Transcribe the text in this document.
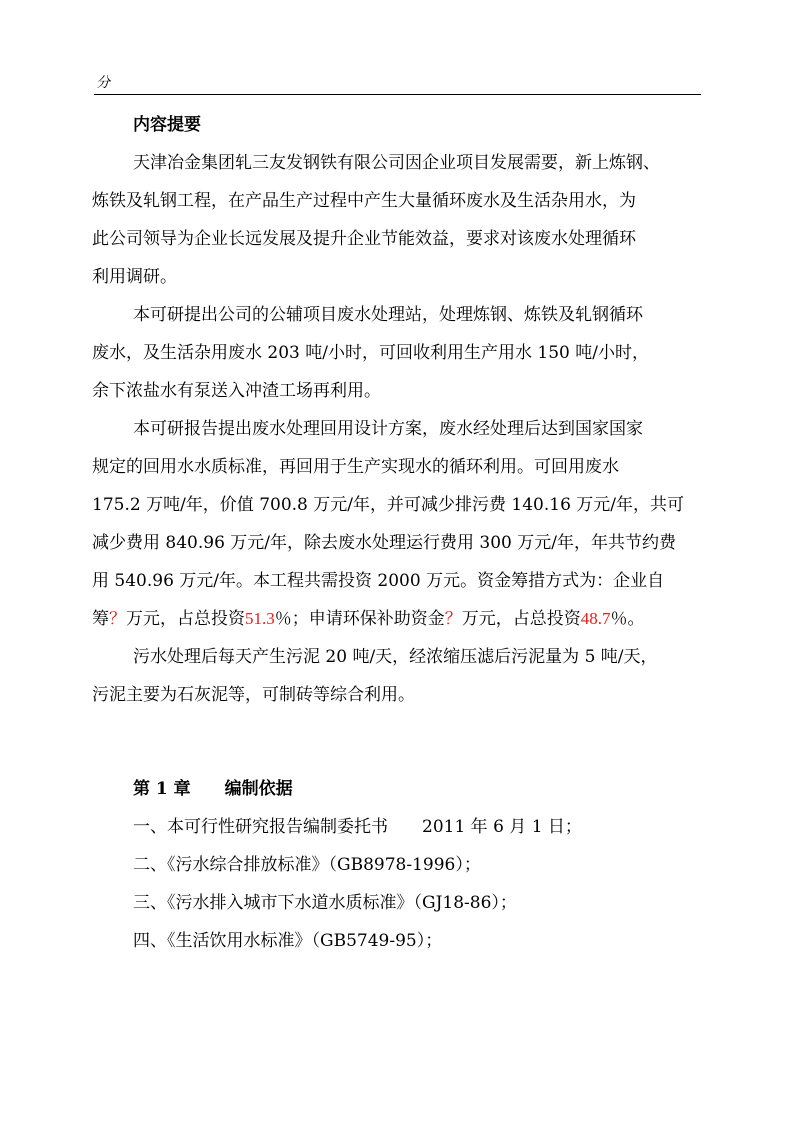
分
内容提要
天津冶金集团轧三友发钢铁有限公司因企业项目发展需要，新上炼钢、
炼铁及轧钢工程，在产品生产过程中产生大量循环废水及生活杂用水，为
此公司领导为企业长远发展及提升企业节能效益，要求对该废水处理循环
利用调研。
本可研提出公司的公辅项目废水处理站，处理炼钢、炼铁及轧钢循环
废水，及生活杂用废水 203 吨/小时，可回收利用生产用水 150 吨/小时，
余下浓盐水有泵送入冲渣工场再利用。
本可研报告提出废水处理回用设计方案，废水经处理后达到国家国家
规定的回用水水质标准，再回用于生产实现水的循环利用。可回用废水
175.2 万吨/年，价值 700.8 万元/年，并可减少排污费 140.16 万元/年，共可
减少费用 840.96 万元/年，除去废水处理运行费用 300 万元/年，年共节约费
用 540.96 万元/年。本工程共需投资 2000 万元。资金筹措方式为：企业自
筹？万元，占总投资51.3％；申请环保补助资金？万元，占总投资48.7％。
污水处理后每天产生污泥 20 吨/天，经浓缩压滤后污泥量为 5 吨/天，
污泥主要为石灰泥等，可制砖等综合利用。
第 1 章　　编制依据
一、本可行性研究报告编制委托书　　2011 年 6 月 1 日；
二、《污水综合排放标准》（GB8978-1996）；
三、《污水排入城市下水道水质标准》（GJ18-86）；
四、《生活饮用水标准》（GB5749-95）；
